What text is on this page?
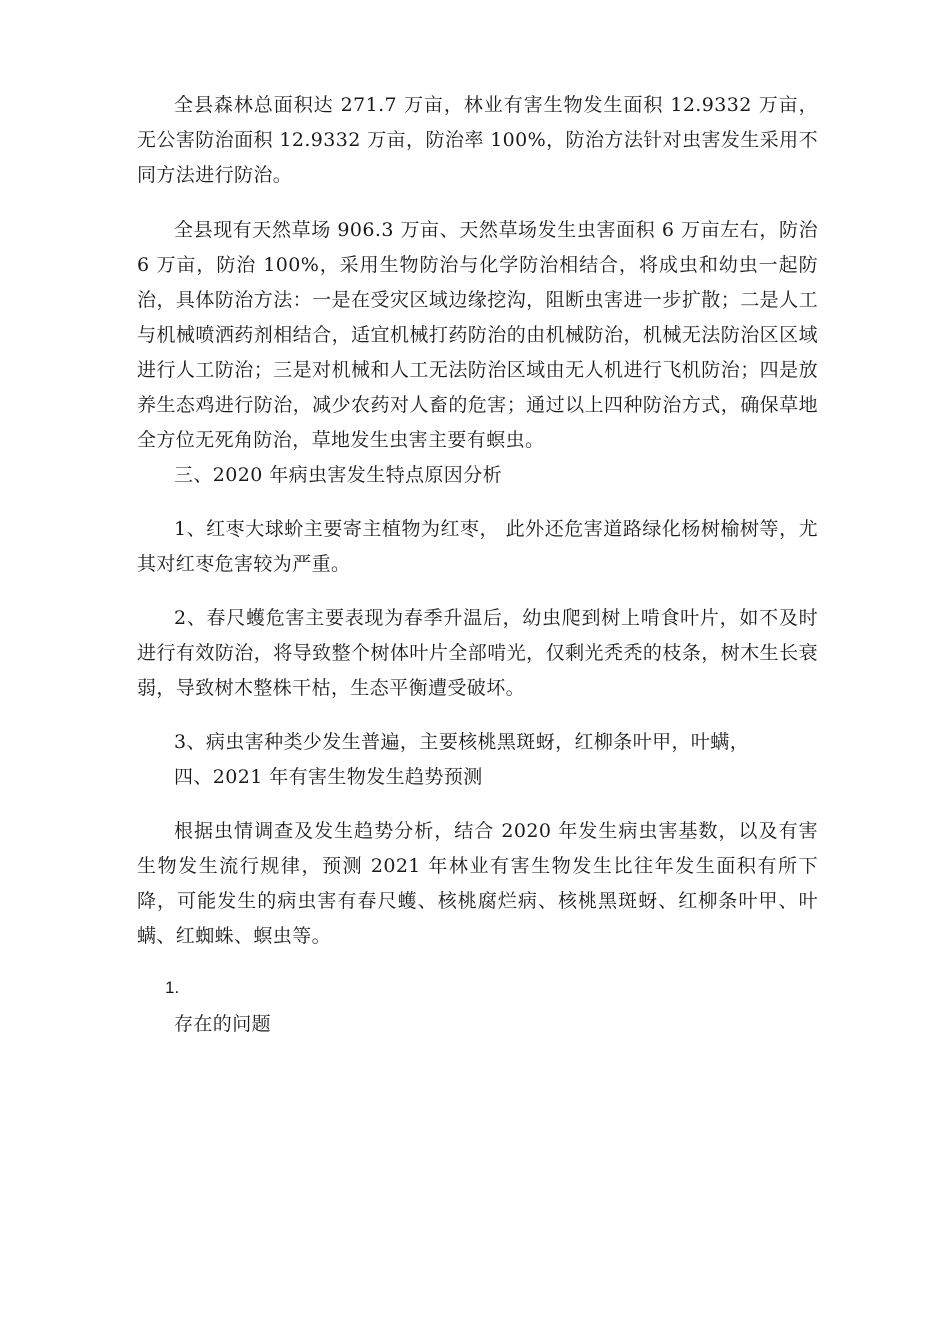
全县森林总面积达 271.7 万亩，林业有害生物发生面积 12.9332 万亩，无公害防治面积 12.9332 万亩，防治率 100%，防治方法针对虫害发生采用不同方法进行防治。

全县现有天然草场 906.3 万亩、天然草场发生虫害面积 6 万亩左右，防治 6 万亩，防治 100%，采用生物防治与化学防治相结合，将成虫和幼虫一起防治，具体防治方法：一是在受灾区域边缘挖沟，阻断虫害进一步扩散；二是人工与机械喷洒药剂相结合，适宜机械打药防治的由机械防治，机械无法防治区区域进行人工防治；三是对机械和人工无法防治区域由无人机进行飞机防治；四是放养生态鸡进行防治，减少农药对人畜的危害；通过以上四种防治方式，确保草地全方位无死角防治，草地发生虫害主要有螟虫。

三、2020 年病虫害发生特点原因分析

1、红枣大球蚧主要寄主植物为红枣， 此外还危害道路绿化杨树榆树等，尤其对红枣危害较为严重。

2、春尺蠖危害主要表现为春季升温后，幼虫爬到树上啃食叶片，如不及时进行有效防治，将导致整个树体叶片全部啃光，仅剩光秃秃的枝条，树木生长衰弱，导致树木整株干枯，生态平衡遭受破坏。

3、病虫害种类少发生普遍，主要核桃黑斑蚜，红柳条叶甲，叶螨，

四、2021 年有害生物发生趋势预测

根据虫情调查及发生趋势分析，结合 2020 年发生病虫害基数，以及有害生物发生流行规律，预测 2021 年林业有害生物发生比往年发生面积有所下降，可能发生的病虫害有春尺蠖、核桃腐烂病、核桃黑斑蚜、红柳条叶甲、叶螨、红蜘蛛、螟虫等。

1.

存在的问题
